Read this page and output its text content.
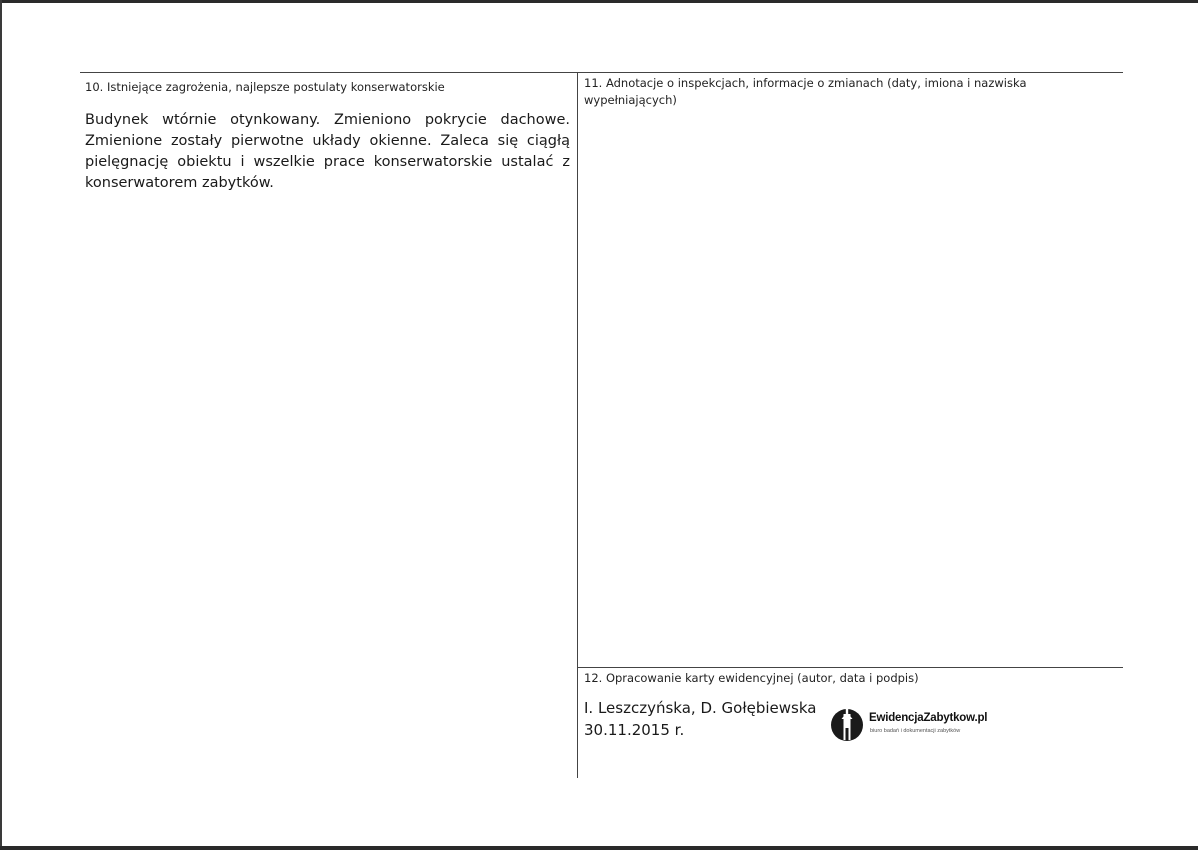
10. Istniejące zagrożenia, najlepsze postulaty konserwatorskie

Budynek wtórnie otynkowany. Zmieniono pokrycie dachowe. Zmienione zostały pierwotne układy okienne. Zaleca się ciągłą pielęgnację obiektu i wszelkie prace konserwatorskie ustalać z konserwatorem zabytków.

11. Adnotacje o inspekcjach, informacje o zmianach (daty, imiona i nazwiska wypełniających)
12. Opracowanie karty ewidencyjnej (autor, data i podpis)
I. Leszczyńska, D. Gołębiewska
30.11.2015 r.
EwidencjaZabytkow.pl
biuro badań i dokumentacji zabytków
